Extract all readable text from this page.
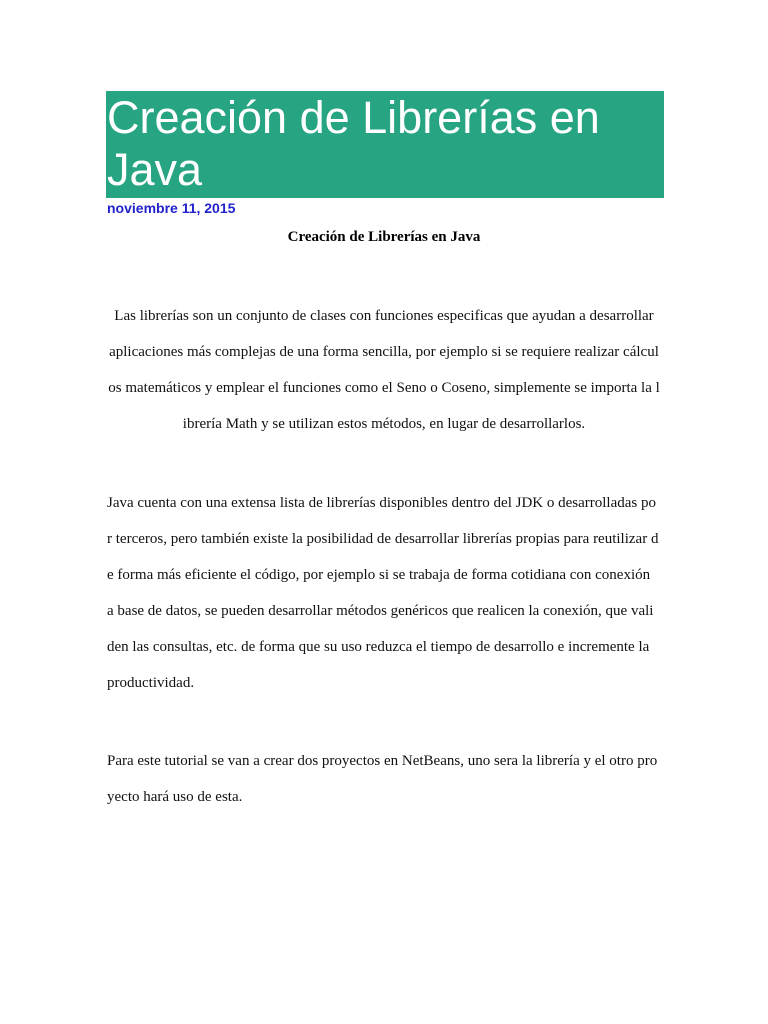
Creación de Librerías en Java
noviembre 11, 2015
Creación de Librerías en Java

Las librerías son un conjunto de clases con funciones especificas que ayudan a desarrollar
aplicaciones más complejas de una forma sencilla, por ejemplo si se requiere realizar cálcul
os matemáticos y emplear el funciones como el Seno o Coseno, simplemente se importa la l
ibrería Math y se utilizan estos métodos, en lugar de desarrollarlos.

Java cuenta con una extensa lista de librerías disponibles dentro del JDK o desarrolladas po
r terceros, pero también existe la posibilidad de desarrollar librerías propias para reutilizar d
e forma más eficiente el código, por ejemplo si se trabaja de forma cotidiana con conexión
a base de datos, se pueden desarrollar métodos genéricos que realicen la conexión, que vali
den las consultas, etc. de forma que su uso reduzca el tiempo de desarrollo e incremente la
productividad.

Para este tutorial se van a crear dos proyectos en NetBeans, uno sera la librería y el otro pro
yecto hará uso de esta.
